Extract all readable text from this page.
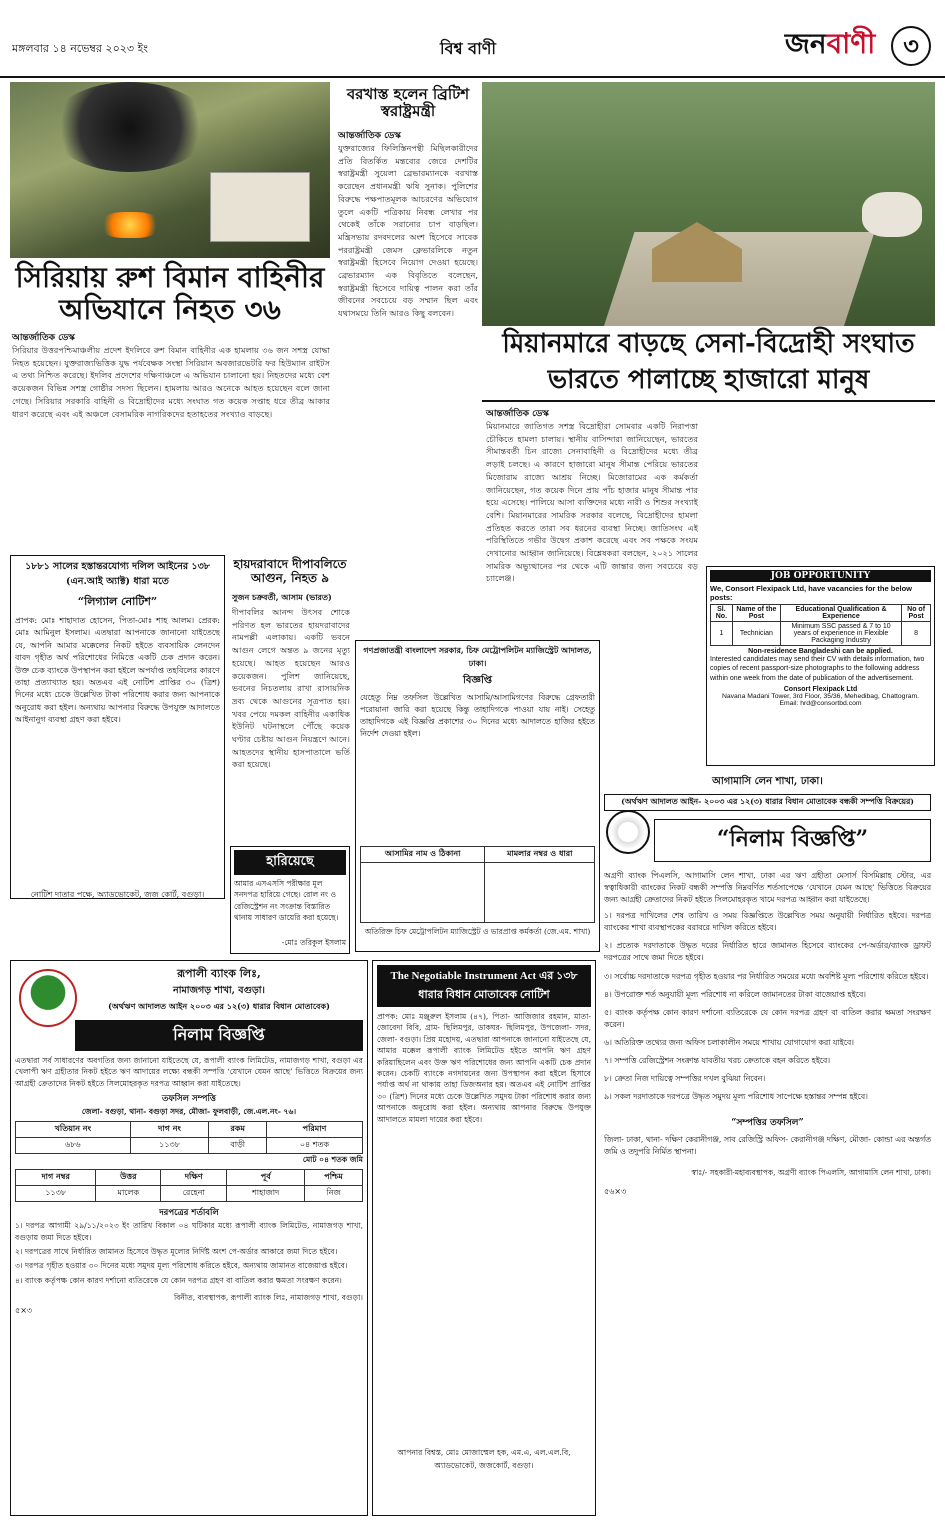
মঙ্গলবার ১৪ নভেম্বর ২০২৩ ইং	বিশ্ব বাণী	জনবাণী ৩
বরখাস্ত হলেন ব্রিটিশ স্বরাষ্ট্রমন্ত্রী
আন্তর্জাতিক ডেস্ক
যুক্তরাজ্যের ফিলিস্তিনপন্থী মিছিলকারীদের প্রতি বিতর্কিত মন্তব্যের জেরে দেশটির স্বরাষ্ট্রমন্ত্রী সুয়েলা ব্রেভারম্যানকে বরখাস্ত করেছেন প্রধানমন্ত্রী ঋষি সুনাক। পুলিশের বিরুদ্ধে পক্ষপাতমূলক আচরণের অভিযোগ তুলে একটি পত্রিকায় নিবন্ধ লেখার পর থেকেই তাঁকে সরানোর চাপ বাড়ছিল। মন্ত্রিসভায় রদবদলের অংশ হিসেবে সাবেক পররাষ্ট্রমন্ত্রী জেমস ক্লেভারলিকে নতুন স্বরাষ্ট্রমন্ত্রী হিসেবে নিয়োগ দেওয়া হয়েছে। ব্রেভারম্যান এক বিবৃতিতে বলেছেন, স্বরাষ্ট্রমন্ত্রী হিসেবে দায়িত্ব পালন করা তাঁর জীবনের সবচেয়ে বড় সম্মান ছিল এবং যথাসময়ে তিনি আরও কিছু বলবেন।
মিয়ানমারে বাড়ছে সেনা-বিদ্রোহী সংঘাত
ভারতে পালাচ্ছে হাজারো মানুষ
আন্তর্জাতিক ডেস্ক
মিয়ানমারে জাতিগত সশস্ত্র বিদ্রোহীরা সোমবার একটি নিরাপত্তা চৌকিতে হামলা চালায়। স্থানীয় বাসিন্দারা জানিয়েছেন, ভারতের সীমান্তবর্তী চিন রাজ্যে সেনাবাহিনী ও বিদ্রোহীদের মধ্যে তীব্র লড়াই চলছে। এ কারণে হাজারো মানুষ সীমান্ত পেরিয়ে ভারতের মিজোরাম রাজ্যে আশ্রয় নিচ্ছে। মিজোরামের এক কর্মকর্তা জানিয়েছেন, গত কয়েক দিনে প্রায় পাঁচ হাজার মানুষ সীমান্ত পার হয়ে এসেছে। পালিয়ে আসা ব্যক্তিদের মধ্যে নারী ও শিশুর সংখ্যাই বেশি। মিয়ানমারের সামরিক সরকার বলেছে, বিদ্রোহীদের হামলা প্রতিহত করতে তারা সব ধরনের ব্যবস্থা নিচ্ছে। জাতিসংঘ এই পরিস্থিতিতে গভীর উদ্বেগ প্রকাশ করেছে এবং সব পক্ষকে সংযম দেখানোর আহ্বান জানিয়েছে। বিশ্লেষকরা বলছেন, ২০২১ সালের সামরিক অভ্যুত্থানের পর থেকে এটি জান্তার জন্য সবচেয়ে বড় চ্যালেঞ্জ।
সিরিয়ায় রুশ বিমান বাহিনীর অভিযানে নিহত ৩৬
আন্তর্জাতিক ডেস্ক
সিরিয়ার উত্তরপশ্চিমাঞ্চলীয় প্রদেশ ইদলিবে রুশ বিমান বাহিনীর এক হামলায় ৩৬ জন সশস্ত্র যোদ্ধা নিহত হয়েছেন। যুক্তরাজ্যভিত্তিক যুদ্ধ পর্যবেক্ষক সংস্থা সিরিয়ান অবজারভেটরি ফর হিউম্যান রাইটস এ তথ্য নিশ্চিত করেছে। ইদলিব প্রদেশের দক্ষিণাঞ্চলে এ অভিযান চালানো হয়। নিহতদের মধ্যে বেশ কয়েকজন বিভিন্ন সশস্ত্র গোষ্ঠীর সদস্য ছিলেন। হামলায় আরও অনেকে আহত হয়েছেন বলে জানা গেছে। সিরিয়ার সরকারি বাহিনী ও বিদ্রোহীদের মধ্যে সংঘাত গত কয়েক সপ্তাহ ধরে তীব্র আকার ধারণ করেছে এবং এই অঞ্চলে বেসামরিক নাগরিকদের হতাহতের সংখ্যাও বাড়ছে।
১৮৮১ সালের হস্তান্তরযোগ্য দলিল আইনের ১৩৮ (এন.আই অ্যাক্ট) ধারা মতে
“লিগ্যাল নোটিশ”
প্রাপক: মোঃ শাহাদাত হোসেন, পিতা-মোঃ শাহ আলম। প্রেরক: মোঃ আমিনুল ইসলাম। এতদ্বারা আপনাকে জানানো যাইতেছে যে, আপনি আমার মক্কেলের নিকট হইতে ব্যবসায়িক লেনদেন বাবদ গৃহীত অর্থ পরিশোধের নিমিত্তে একটি চেক প্রদান করেন। উক্ত চেক ব্যাংকে উপস্থাপন করা হইলে অপর্যাপ্ত তহবিলের কারণে তাহা প্রত্যাখ্যাত হয়। অতএব এই নোটিশ প্রাপ্তির ৩০ (ত্রিশ) দিনের মধ্যে চেকে উল্লেখিত টাকা পরিশোধ করার জন্য আপনাকে অনুরোধ করা হইল। অন্যথায় আপনার বিরুদ্ধে উপযুক্ত আদালতে আইনানুগ ব্যবস্থা গ্রহণ করা হইবে।
নোটিশ দাতার পক্ষে, অ্যাডভোকেট, জজ কোর্ট, বগুড়া।
হায়দরাবাদে দীপাবলিতে আগুন, নিহত ৯
সুজন চক্রবর্তী, আসাম (ভারত)
দীপাবলির আনন্দ উৎসব শোকে পরিণত হল ভারতের হায়দরাবাদের নামপল্লী এলাকায়। একটি ভবনে আগুন লেগে অন্তত ৯ জনের মৃত্যু হয়েছে। আহত হয়েছেন আরও কয়েকজন। পুলিশ জানিয়েছে, ভবনের নিচতলায় রাখা রাসায়নিক দ্রব্য থেকে আগুনের সূত্রপাত হয়। খবর পেয়ে দমকল বাহিনীর একাধিক ইউনিট ঘটনাস্থলে পৌঁছে কয়েক ঘণ্টার চেষ্টায় আগুন নিয়ন্ত্রণে আনে। আহতদের স্থানীয় হাসপাতালে ভর্তি করা হয়েছে।
হারিয়েছে
আমার এসএসসি পরীক্ষার মূল সনদপত্র হারিয়ে গেছে। রোল নং ও রেজিস্ট্রেশন নং সংক্রান্ত বিস্তারিত থানায় সাধারণ ডায়েরি করা হয়েছে।
-মোঃ তরিকুল ইসলাম
গণপ্রজাতন্ত্রী বাংলাদেশ সরকার, চিফ মেট্রোপলিটন ম্যাজিস্ট্রেট আদালত, ঢাকা।
বিজ্ঞপ্তি
যেহেতু নিম্ন তফসিল উল্লেখিত আসামি/আসামিগণের বিরুদ্ধে গ্রেফতারী পরোয়ানা জারি করা হয়েছে কিন্তু তাহাদিগকে পাওয়া যায় নাই। সেহেতু তাহাদিগকে এই বিজ্ঞপ্তি প্রকাশের ৩০ দিনের মধ্যে আদালতে হাজির হইতে নির্দেশ দেওয়া হইল।
আসামির নাম ও ঠিকানা	মামলার নম্বর ও ধারা

অতিরিক্ত চিফ মেট্রোপলিটন ম্যাজিস্ট্রেট ও ভারপ্রাপ্ত কর্মকর্তা (জে.এম. শাখা)
JOB OPPORTUNITY
We, Consort Flexipack Ltd, have vacancies for the below posts:
Sl. No.	Name of the Post	Educational Qualification & Experience	No of Post
1	Technician	Minimum SSC passed & 7 to 10 years of experience in Flexible Packaging Industry	8
Non-residence Bangladeshi can be applied.
Interested candidates may send their CV with details information, two copies of recent passport-size photographs to the following address within one week from the date of publication of the advertisement.
Consort Flexipack Ltd
Navana Madani Tower, 3rd Floor, 35/36, Mehedibag, Chattogram.
Email: hrd@consortbd.com
আগামাসি লেন শাখা, ঢাকা।
(অর্থঋণ আদালত আইন- ২০০৩ এর ১২(৩) ধারার বিধান মোতাবেক বন্ধকী সম্পত্তি বিক্রয়ের)
“নিলাম বিজ্ঞপ্তি”
অগ্রণী ব্যাংক পিএলসি, আগামাসি লেন শাখা, ঢাকা এর ঋণ গ্রহীতা মেসার্স বিসমিল্লাহ স্টোর, এর স্বত্বাধিকারী ব্যাংকের নিকট বন্ধকী সম্পত্তি নিম্নবর্ণিত শর্তসাপেক্ষে ‘যেখানে যেমন আছে’ ভিত্তিতে বিক্রয়ের জন্য আগ্রহী ক্রেতাদের নিকট হইতে সিলমোহরকৃত খামে দরপত্র আহ্বান করা যাইতেছে।
১। দরপত্র দাখিলের শেষ তারিখ ও সময় বিজ্ঞপ্তিতে উল্লেখিত সময় অনুযায়ী নির্ধারিত হইবে। দরপত্র ব্যাংকের শাখা ব্যবস্থাপকের বরাবরে দাখিল করিতে হইবে।
২। প্রত্যেক দরদাতাকে উদ্ধৃত দরের নির্ধারিত হারে জামানত হিসেবে ব্যাংকের পে-অর্ডার/ব্যাংক ড্রাফট দরপত্রের সাথে জমা দিতে হইবে।
৩। সর্বোচ্চ দরদাতাকে দরপত্র গৃহীত হওয়ার পর নির্ধারিত সময়ের মধ্যে অবশিষ্ট মূল্য পরিশোধ করিতে হইবে।
৪। উপরোক্ত শর্ত অনুযায়ী মূল্য পরিশোধ না করিলে জামানতের টাকা বাজেয়াপ্ত হইবে।
৫। ব্যাংক কর্তৃপক্ষ কোন কারণ দর্শানো ব্যতিরেকে যে কোন দরপত্র গ্রহণ বা বাতিল করার ক্ষমতা সংরক্ষণ করেন।
৬। অতিরিক্ত তথ্যের জন্য অফিস চলাকালীন সময়ে শাখায় যোগাযোগ করা যাইবে।
৭। সম্পত্তি রেজিস্ট্রেশন সংক্রান্ত যাবতীয় খরচ ক্রেতাকে বহন করিতে হইবে।
৮। ক্রেতা নিজ দায়িত্বে সম্পত্তির দখল বুঝিয়া নিবেন।
৯। সকল দরদাতাকে দরপত্রে উদ্ধৃত সমুদয় মূল্য পরিশোধ সাপেক্ষে হস্তান্তর সম্পন্ন হইবে।
“সম্পত্তির তফসিল”
জিলা- ঢাকা, থানা- দক্ষিণ কেরানীগঞ্জ, সাব রেজিস্ট্রি অফিস- কেরানীগঞ্জ দক্ষিণ, মৌজা- কোন্ডা এর অন্তর্গত জমি ও তদুপরি নির্মিত স্থাপনা।
স্বাঃ/- সহকারী-মহাব্যবস্থাপক, অগ্রণী ব্যাংক পিএলসি, আগামাসি লেন শাখা, ঢাকা।
৫৬×৩
রূপালী ব্যাংক লিঃ,
নামাজগড় শাখা, বগুড়া।
(অর্থঋণ আদালত আইন ২০০৩ এর ১২(৩) ধারার বিধান মোতাবেক)
নিলাম বিজ্ঞপ্তি
এতদ্বারা সর্ব সাধারণের অবগতির জন্য জানানো যাইতেছে যে, রূপালী ব্যাংক লিমিটেড, নামাজগড় শাখা, বগুড়া এর খেলাপী ঋণ গ্রহীতার নিকট হইতে ঋণ আদায়ের লক্ষ্যে বন্ধকী সম্পত্তি ‘যেখানে যেমন আছে’ ভিত্তিতে বিক্রয়ের জন্য আগ্রহী ক্রেতাদের নিকট হইতে সিলমোহরকৃত দরপত্র আহ্বান করা যাইতেছে।
তফসিল সম্পত্তি
জেলা- বগুড়া, থানা- বগুড়া সদর, মৌজা- ফুলবাড়ী, জে.এল.নং- ৭৬।
খতিয়ান নং	দাগ নং	রকম	পরিমাণ
৬৮৬	১১৩৮	বাড়ী	০৪ শতক
মোট ০৪ শতক জমি
দাগ নম্বর	উত্তর	দক্ষিণ	পূর্ব	পশ্চিম
১১৩৮	মালেক	রেহেনা	শাহাজাদ	নিজ
দরপত্রের শর্তাবলি
১। দরপত্র আগামী ২৯/১১/২০২৩ ইং তারিখ বিকাল ০৪ ঘটিকার মধ্যে রূপালী ব্যাংক লিমিটেড, নামাজগড় শাখা, বগুড়ায় জমা দিতে হইবে।
২। দরপত্রের সাথে নির্ধারিত জামানত হিসেবে উদ্ধৃত মূল্যের নির্দিষ্ট অংশ পে-অর্ডার আকারে জমা দিতে হইবে।
৩। দরপত্র গৃহীত হওয়ার ৩০ দিনের মধ্যে সমুদয় মূল্য পরিশোধ করিতে হইবে, অন্যথায় জামানত বাজেয়াপ্ত হইবে।
৪। ব্যাংক কর্তৃপক্ষ কোন কারণ দর্শানো ব্যতিরেকে যে কোন দরপত্র গ্রহণ বা বাতিল করার ক্ষমতা সংরক্ষণ করেন।
বিনীত, ব্যবস্থাপক, রূপালী ব্যাংক লিঃ, নামাজগড় শাখা, বগুড়া।
৫×৩
The Negotiable Instrument Act এর ১৩৮ ধারার বিধান মোতাবেক নোটিশ
প্রাপক: মোঃ মঞ্জুরুল ইসলাম (৪৭), পিতা- আজিজার রহমান, মাতা- জোবেদা বিবি, গ্রাম- ছিলিমপুর, ডাকঘর- ছিলিমপুর, উপজেলা- সদর, জেলা- বগুড়া। প্রিয় মহোদয়, এতদ্বারা আপনাকে জানানো যাইতেছে যে, আমার মক্কেল রূপালী ব্যাংক লিমিটেড হইতে আপনি ঋণ গ্রহণ করিয়াছিলেন এবং উক্ত ঋণ পরিশোধের জন্য আপনি একটি চেক প্রদান করেন। চেকটি ব্যাংকে নগদায়নের জন্য উপস্থাপন করা হইলে হিসাবে পর্যাপ্ত অর্থ না থাকায় তাহা ডিজঅনার হয়। অতএব এই নোটিশ প্রাপ্তির ৩০ (ত্রিশ) দিনের মধ্যে চেকে উল্লেখিত সমুদয় টাকা পরিশোধ করার জন্য আপনাকে অনুরোধ করা হইল। অন্যথায় আপনার বিরুদ্ধে উপযুক্ত আদালতে মামলা দায়ের করা হইবে।
আপনার বিশ্বস্ত, মোঃ মোজাম্মেল হক, এম.এ, এল.এল.বি, অ্যাডভোকেট, জজকোর্ট, বগুড়া।
